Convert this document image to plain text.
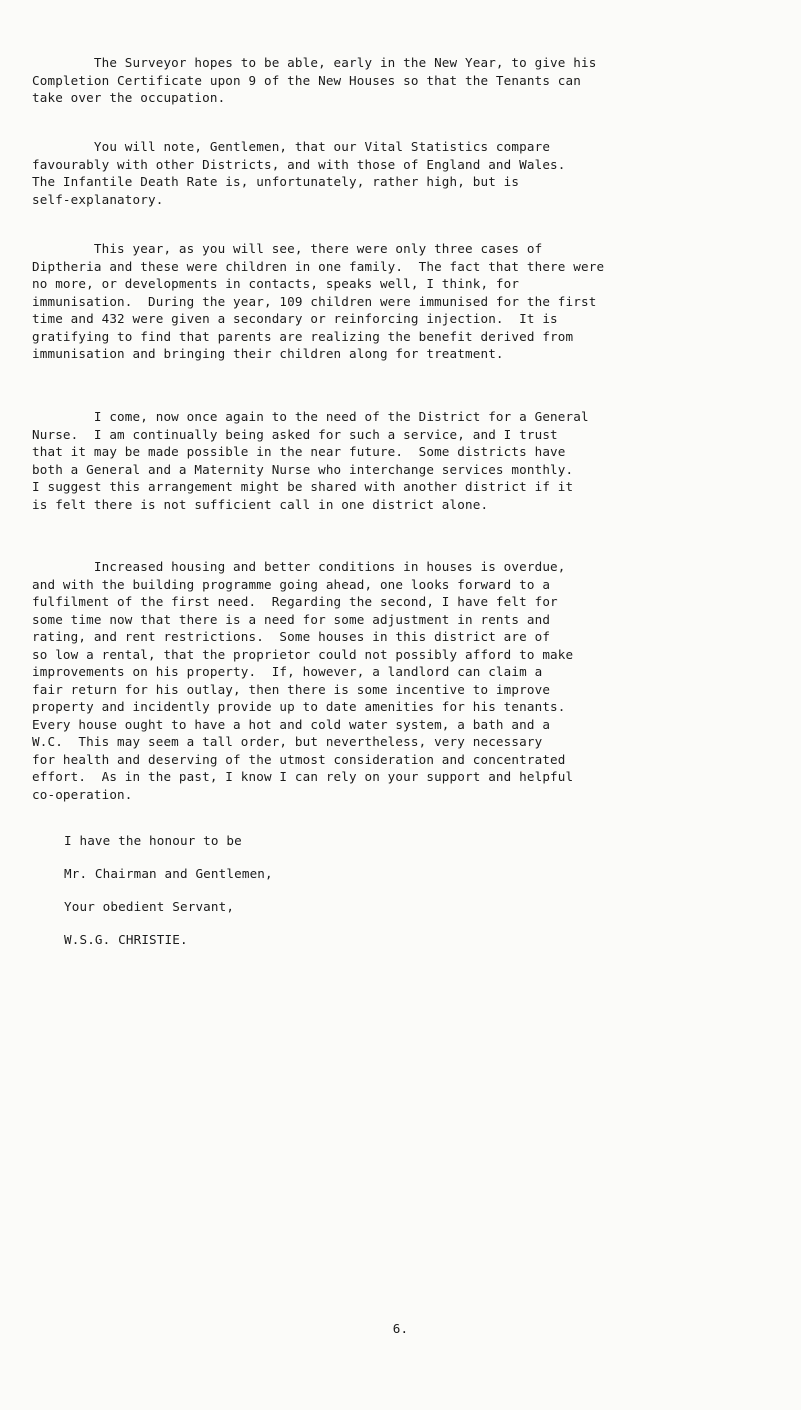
The Surveyor hopes to be able, early in the New Year, to give his
Completion Certificate upon 9 of the New Houses so that the Tenants can
take over the occupation.

You will note, Gentlemen, that our Vital Statistics compare
favourably with other Districts, and with those of England and Wales.
The Infantile Death Rate is, unfortunately, rather high, but is
self-explanatory.

This year, as you will see, there were only three cases of
Diptheria and these were children in one family.  The fact that there were
no more, or developments in contacts, speaks well, I think, for
immunisation.  During the year, 109 children were immunised for the first
time and 432 were given a secondary or reinforcing injection.  It is
gratifying to find that parents are realizing the benefit derived from
immunisation and bringing their children along for treatment.

I come, now once again to the need of the District for a General
Nurse.  I am continually being asked for such a service, and I trust
that it may be made possible in the near future.  Some districts have
both a General and a Maternity Nurse who interchange services monthly.
I suggest this arrangement might be shared with another district if it
is felt there is not sufficient call in one district alone.

Increased housing and better conditions in houses is overdue,
and with the building programme going ahead, one looks forward to a
fulfilment of the first need.  Regarding the second, I have felt for
some time now that there is a need for some adjustment in rents and
rating, and rent restrictions.  Some houses in this district are of
so low a rental, that the proprietor could not possibly afford to make
improvements on his property.  If, however, a landlord can claim a
fair return for his outlay, then there is some incentive to improve
property and incidently provide up to date amenities for his tenants.
Every house ought to have a hot and cold water system, a bath and a
W.C.  This may seem a tall order, but nevertheless, very necessary
for health and deserving of the utmost consideration and concentrated
effort.  As in the past, I know I can rely on your support and helpful
co-operation.

I have the honour to be

Mr. Chairman and Gentlemen,

Your obedient Servant,

W.S.G. CHRISTIE.

6.
